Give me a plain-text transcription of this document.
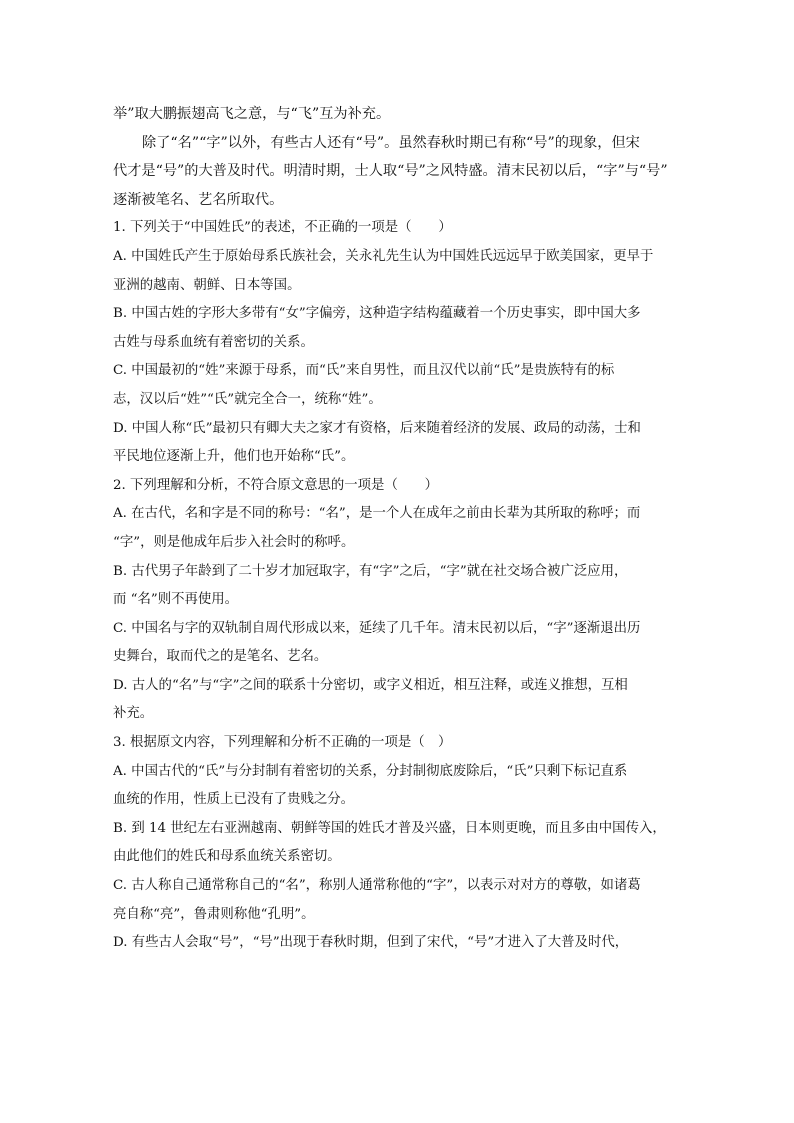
举”取大鹏振翅高飞之意，与“飞”互为补充。
除了“名”“字”以外，有些古人还有“号”。虽然春秋时期已有称“号”的现象，但宋
代才是“号”的大普及时代。明清时期，士人取“号”之风特盛。清末民初以后，“字”与“号”
逐渐被笔名、艺名所取代。
1. 下列关于“中国姓氏”的表述，不正确的一项是（　　）
A. 中国姓氏产生于原始母系氏族社会，关永礼先生认为中国姓氏远远早于欧美国家，更早于
亚洲的越南、朝鲜、日本等国。
B. 中国古姓的字形大多带有“女”字偏旁，这种造字结构蕴藏着一个历史事实，即中国大多
古姓与母系血统有着密切的关系。
C. 中国最初的“姓”来源于母系，而“氏”来自男性，而且汉代以前“氏”是贵族特有的标
志，汉以后“姓”“氏”就完全合一，统称“姓”。
D. 中国人称“氏”最初只有卿大夫之家才有资格，后来随着经济的发展、政局的动荡，士和
平民地位逐渐上升，他们也开始称“氏”。
2. 下列理解和分析，不符合原文意思的一项是（　　）
A. 在古代，名和字是不同的称号：“名”，是一个人在成年之前由长辈为其所取的称呼；而
“字”，则是他成年后步入社会时的称呼。
B. 古代男子年龄到了二十岁才加冠取字，有“字”之后，“字”就在社交场合被广泛应用，
而 “名”则不再使用。
C. 中国名与字的双轨制自周代形成以来，延续了几千年。清末民初以后，“字”逐渐退出历
史舞台，取而代之的是笔名、艺名。
D. 古人的“名”与“字”之间的联系十分密切，或字义相近，相互注释，或连义推想，互相
补充。
3. 根据原文内容，下列理解和分析不正确的一项是（　）
A. 中国古代的“氏”与分封制有着密切的关系，分封制彻底废除后，“氏”只剩下标记直系
血统的作用，性质上已没有了贵贱之分。
B. 到 14 世纪左右亚洲越南、朝鲜等国的姓氏才普及兴盛，日本则更晚，而且多由中国传入，
由此他们的姓氏和母系血统关系密切。
C. 古人称自己通常称自己的“名”，称别人通常称他的“字”，以表示对对方的尊敬，如诸葛
亮自称“亮”，鲁肃则称他“孔明”。
D. 有些古人会取“号”，“号”出现于春秋时期，但到了宋代，“号”才进入了大普及时代，
